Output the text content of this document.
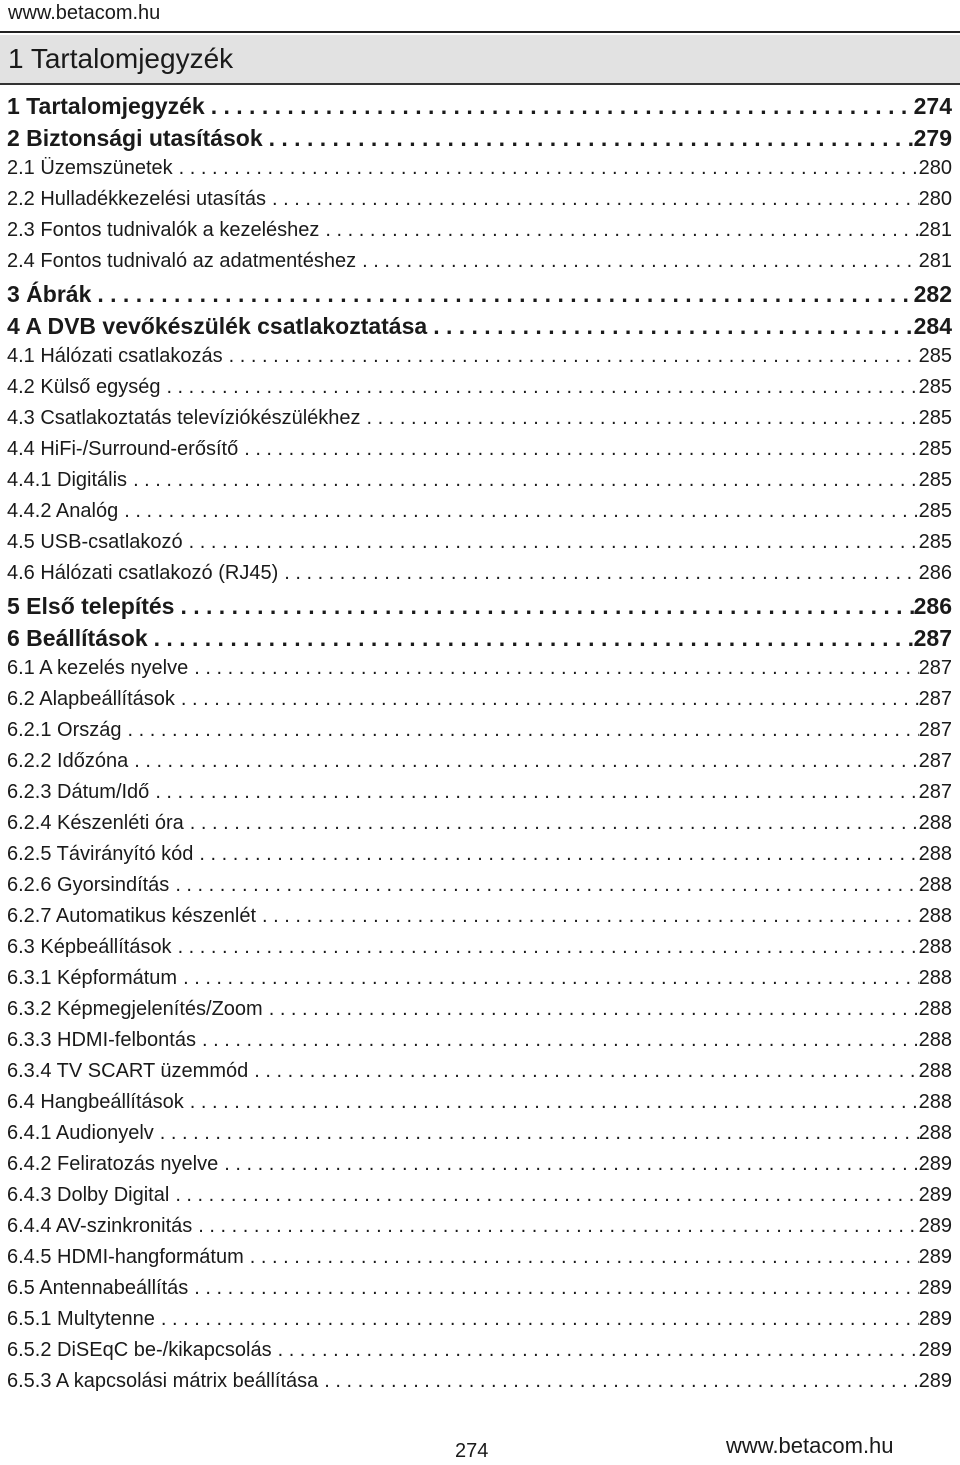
www.betacom.hu
1 Tartalomjegyzék
1 Tartalomjegyzék . . .	274
2 Biztonsági utasítások . . .	279
2.1 Üzemszünetek . . .	280
2.2 Hulladékkezelési utasítás . . .	280
2.3 Fontos tudnivalók a kezeléshez . . .	281
2.4 Fontos tudnivaló az adatmentéshez . . .	281
3 Ábrák . . .	282
4 A DVB vevőkészülék csatlakoztatása . . .	284
4.1 Hálózati csatlakozás . . .	285
4.2 Külső egység . . .	285
4.3 Csatlakoztatás televíziókészülékhez . . .	285
4.4 HiFi-/Surround-erősítő . . .	285
4.4.1 Digitális . . .	285
4.4.2 Analóg . . .	285
4.5 USB-csatlakozó . . .	285
4.6 Hálózati csatlakozó (RJ45) . . .	286
5 Első telepítés . . .	286
6 Beállítások . . .	287
6.1 A kezelés nyelve . . .	287
6.2 Alapbeállítások . . .	287
6.2.1 Ország . . .	287
6.2.2 Időzóna . . .	287
6.2.3 Dátum/Idő . . .	287
6.2.4 Készenléti óra . . .	288
6.2.5 Távirányító kód . . .	288
6.2.6 Gyorsindítás . . .	288
6.2.7 Automatikus készenlét . . .	288
6.3 Képbeállítások . . .	288
6.3.1 Képformátum . . .	288
6.3.2 Képmegjelenítés/Zoom . . .	288
6.3.3 HDMI-felbontás . . .	288
6.3.4 TV SCART üzemmód . . .	288
6.4 Hangbeállítások . . .	288
6.4.1 Audionyelv . . .	288
6.4.2 Feliratozás nyelve . . .	289
6.4.3 Dolby Digital . . .	289
6.4.4 AV-szinkronitás . . .	289
6.4.5 HDMI-hangformátum . . .	289
6.5 Antennabeállítás . . .	289
6.5.1 Multytenne . . .	289
6.5.2 DiSEqC be-/kikapcsolás . . .	289
6.5.3 A kapcsolási mátrix beállítása . . .	289
274	www.betacom.hu
